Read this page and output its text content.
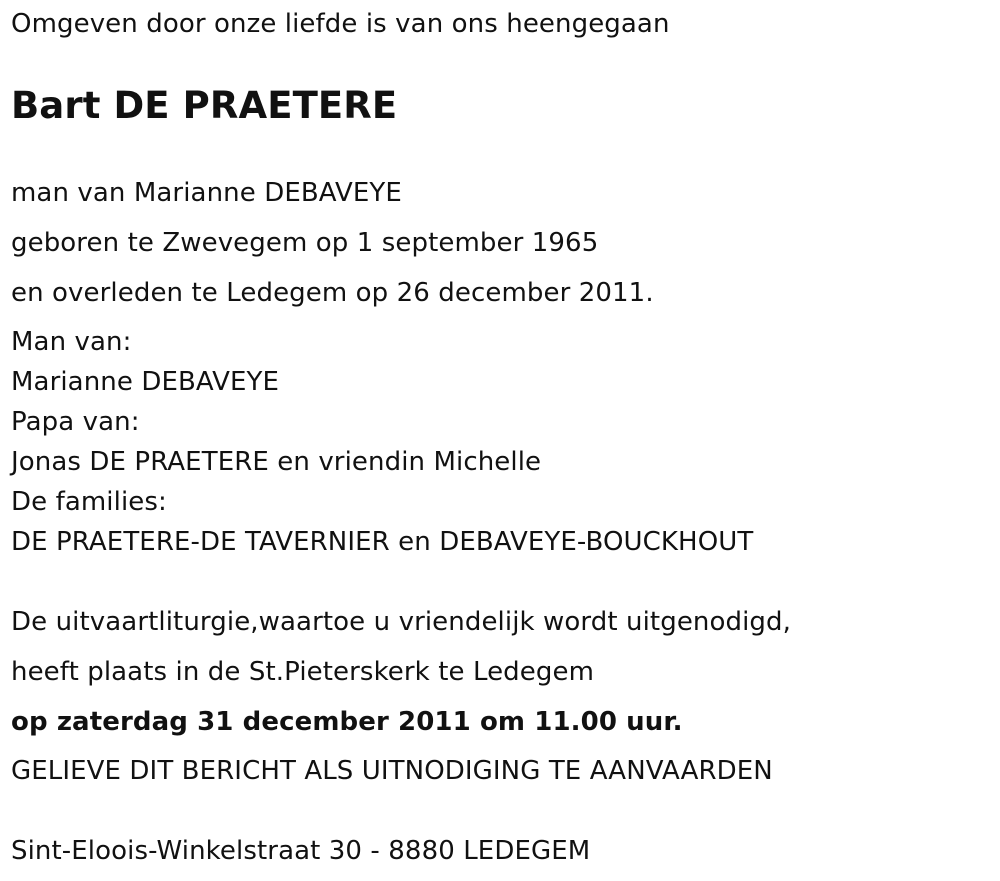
Omgeven door onze liefde is van ons heengegaan
Bart DE PRAETERE
man van Marianne DEBAVEYE
geboren te Zwevegem op 1 september 1965
en overleden te Ledegem op 26 december 2011.
Man van:
Marianne DEBAVEYE
Papa van:
Jonas DE PRAETERE en vriendin Michelle
De families:
DE PRAETERE-DE TAVERNIER en DEBAVEYE-BOUCKHOUT
De uitvaartliturgie,waartoe u vriendelijk wordt uitgenodigd,
heeft plaats in de St.Pieterskerk te Ledegem
op zaterdag 31 december 2011 om 11.00 uur.
GELIEVE DIT BERICHT ALS UITNODIGING TE AANVAARDEN
Sint-Eloois-Winkelstraat 30 - 8880 LEDEGEM
